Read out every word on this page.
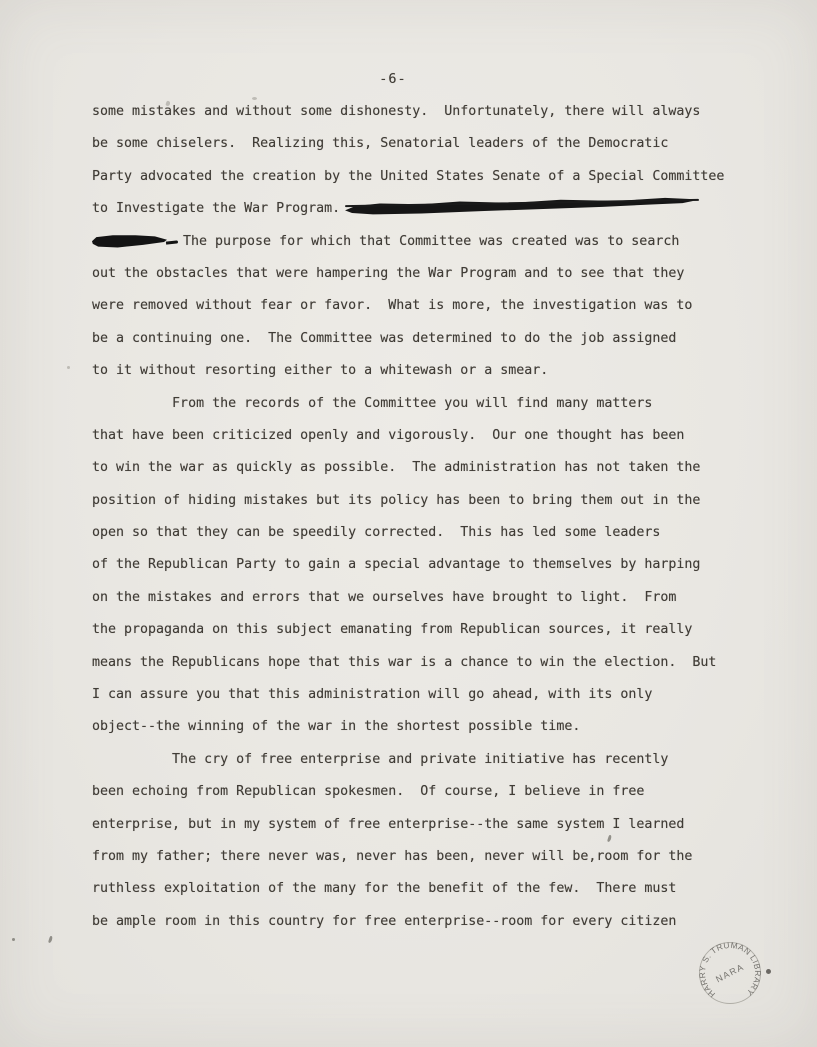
-6-
some mistakes and without some dishonesty.  Unfortunately, there will always
be some chiselers.  Realizing this, Senatorial leaders of the Democratic
Party advocated the creation by the United States Senate of a Special Committee
to Investigate the War Program.
The purpose for which that Committee was created was to search
out the obstacles that were hampering the War Program and to see that they
were removed without fear or favor.  What is more, the investigation was to
be a continuing one.  The Committee was determined to do the job assigned
to it without resorting either to a whitewash or a smear.
From the records of the Committee you will find many matters
that have been criticized openly and vigorously.  Our one thought has been
to win the war as quickly as possible.  The administration has not taken the
position of hiding mistakes but its policy has been to bring them out in the
open so that they can be speedily corrected.  This has led some leaders
of the Republican Party to gain a special advantage to themselves by harping
on the mistakes and errors that we ourselves have brought to light.  From
the propaganda on this subject emanating from Republican sources, it really
means the Republicans hope that this war is a chance to win the election.  But
I can assure you that this administration will go ahead, with its only
object--the winning of the war in the shortest possible time.
The cry of free enterprise and private initiative has recently
been echoing from Republican spokesmen.  Of course, I believe in free
enterprise, but in my system of free enterprise--the same system I learned
from my father; there never was, never has been, never will be,room for the
ruthless exploitation of the many for the benefit of the few.  There must
be ample room in this country for free enterprise--room for every citizen
HARRY S. TRUMAN LIBRARY
NARA
